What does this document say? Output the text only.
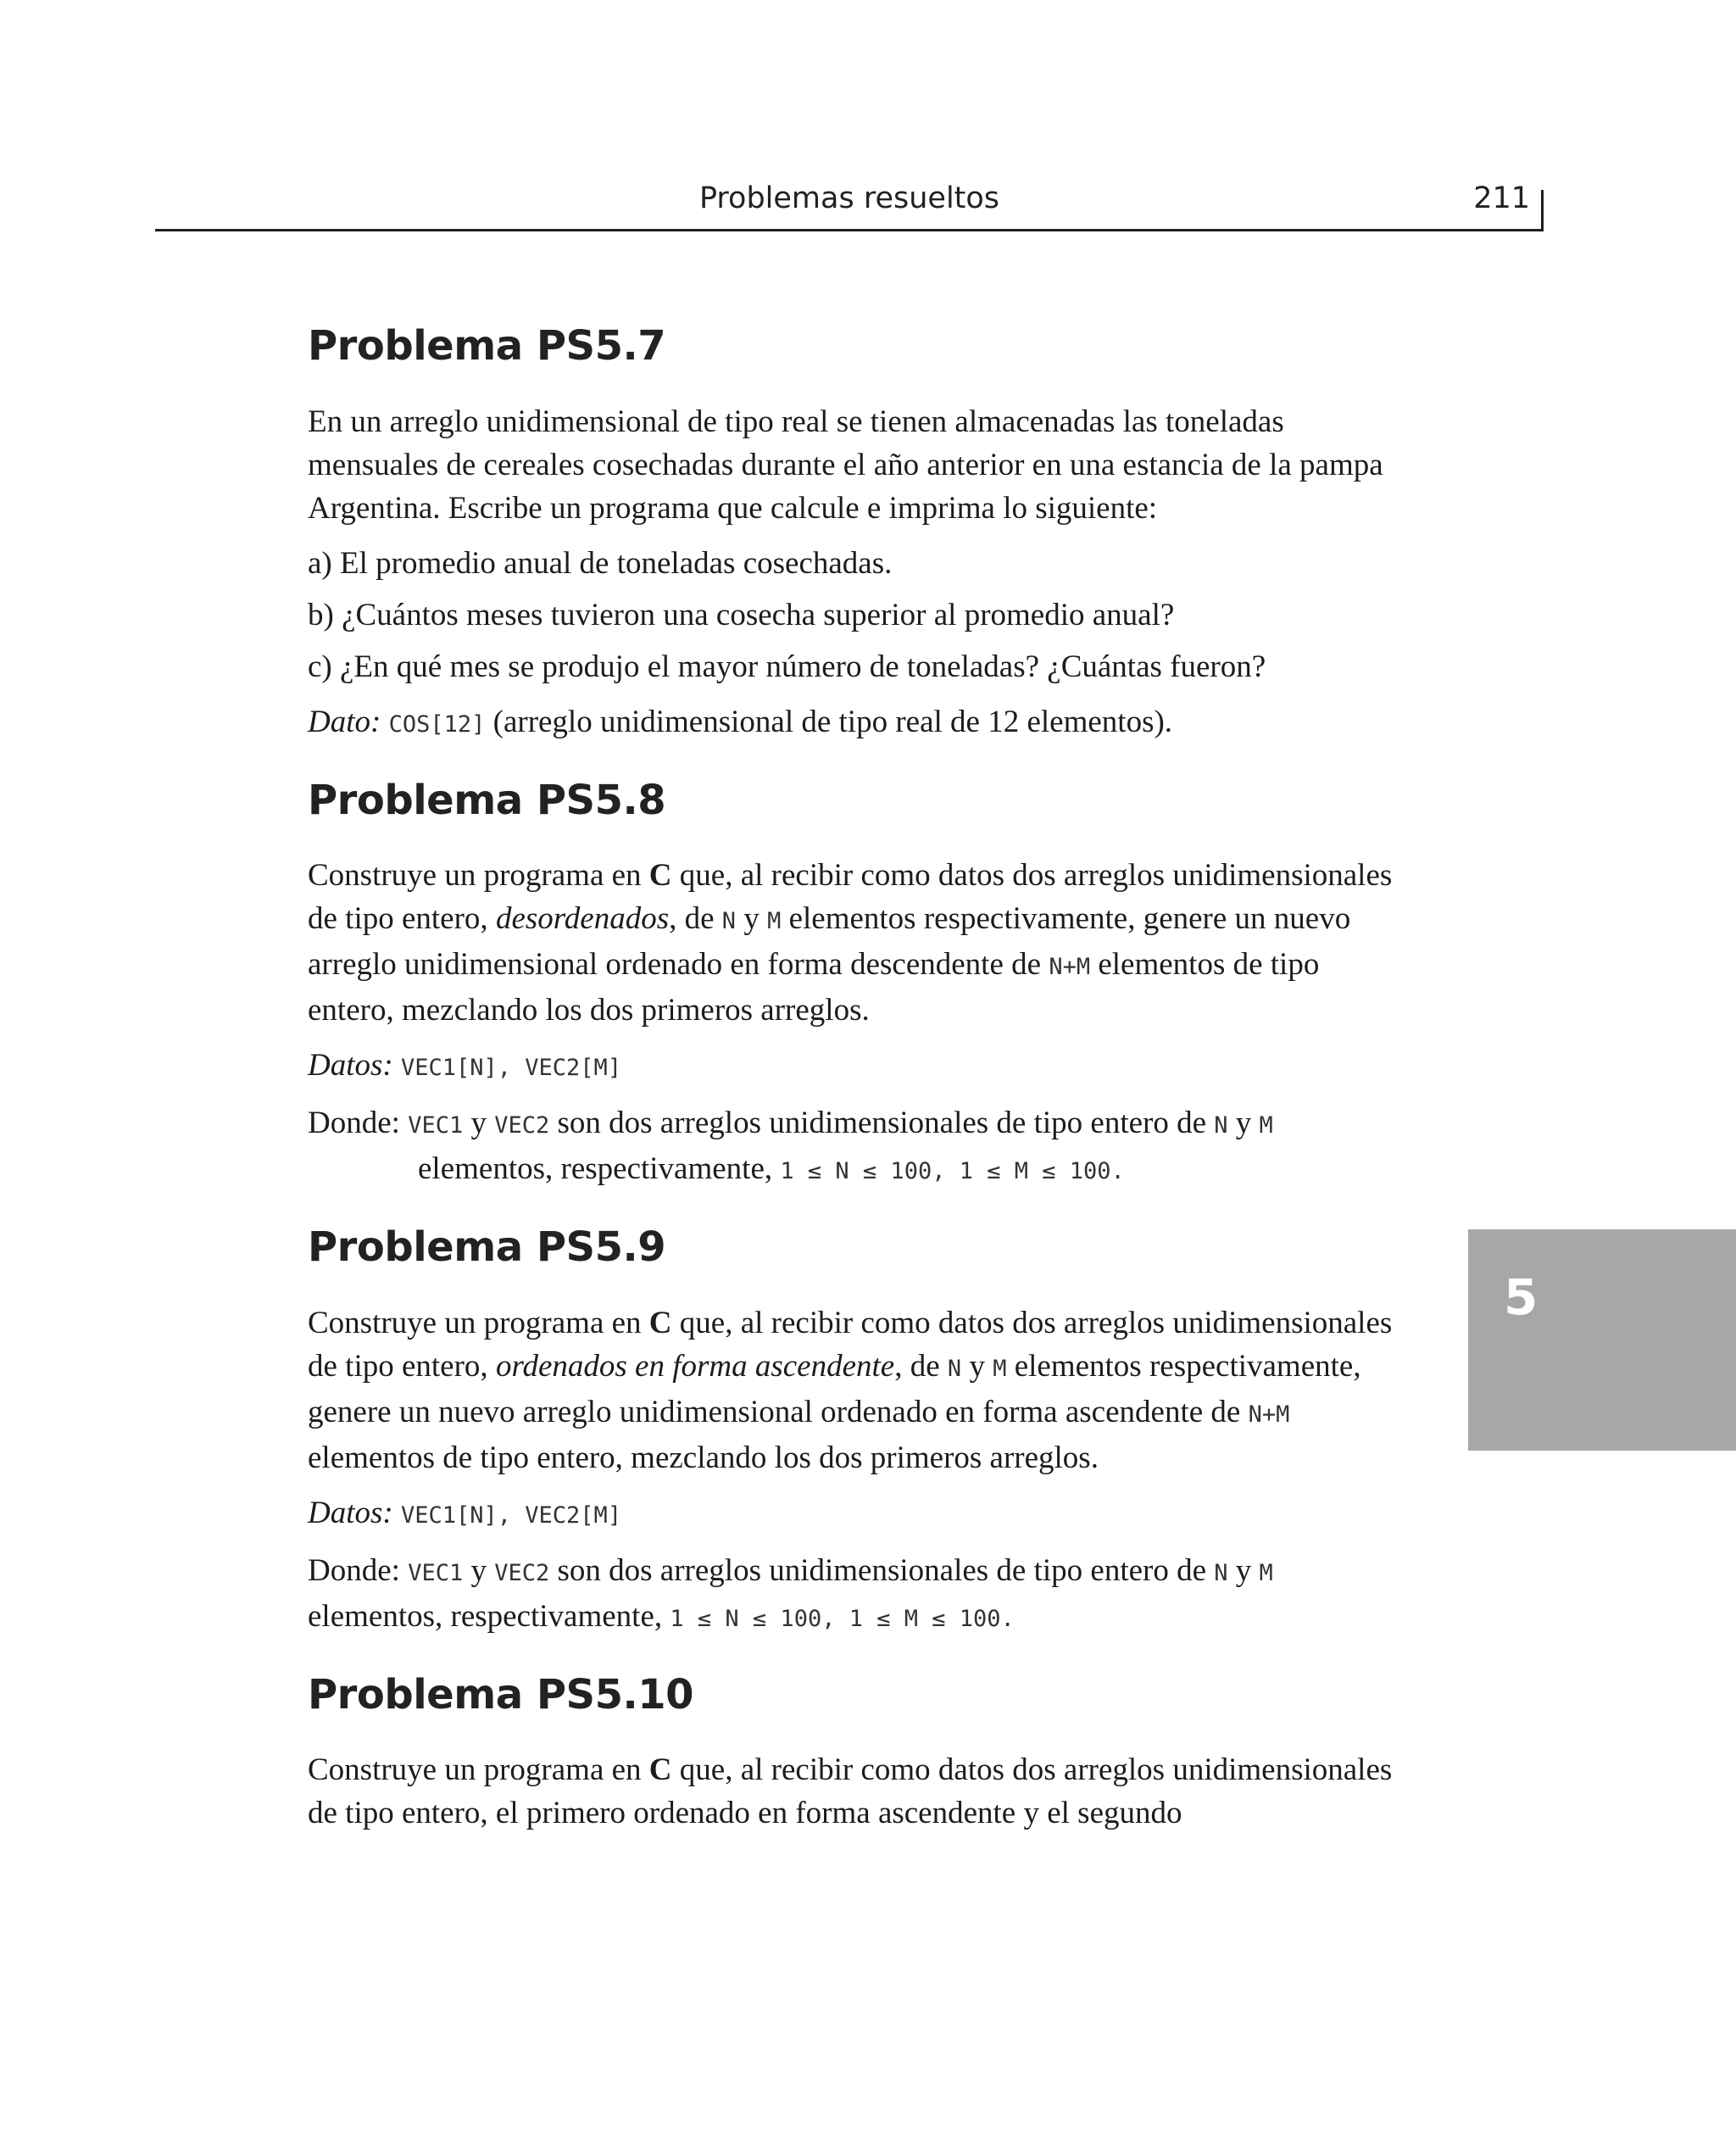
Problemas resueltos	211
5
Problema PS5.7

En un arreglo unidimensional de tipo real se tienen almacenadas las toneladas mensuales de cereales cosechadas durante el año anterior en una estancia de la pampa Argentina. Escribe un programa que calcule e imprima lo siguiente:

a) El promedio anual de toneladas cosechadas.

b) ¿Cuántos meses tuvieron una cosecha superior al promedio anual?

c) ¿En qué mes se produjo el mayor número de toneladas? ¿Cuántas fueron?

Dato: COS[12] (arreglo unidimensional de tipo real de 12 elementos).

Problema PS5.8

Construye un programa en C que, al recibir como datos dos arreglos unidimensionales de tipo entero, desordenados, de N y M elementos respectivamente, genere un nuevo arreglo unidimensional ordenado en forma descendente de N+M elementos de tipo entero, mezclando los dos primeros arreglos.

Datos: VEC1[N], VEC2[M]

Donde: VEC1 y VEC2 son dos arreglos unidimensionales de tipo entero de N y M elementos, respectivamente, 1 ≤ N ≤ 100, 1 ≤ M ≤ 100.

Problema PS5.9

Construye un programa en C que, al recibir como datos dos arreglos unidimensionales de tipo entero, ordenados en forma ascendente, de N y M elementos respectivamente, genere un nuevo arreglo unidimensional ordenado en forma ascendente de N+M elementos de tipo entero, mezclando los dos primeros arreglos.

Datos: VEC1[N], VEC2[M]

Donde: VEC1 y VEC2 son dos arreglos unidimensionales de tipo entero de N y M elementos, respectivamente, 1 ≤ N ≤ 100, 1 ≤ M ≤ 100.

Problema PS5.10

Construye un programa en C que, al recibir como datos dos arreglos unidimensionales de tipo entero, el primero ordenado en forma ascendente y el segundo
